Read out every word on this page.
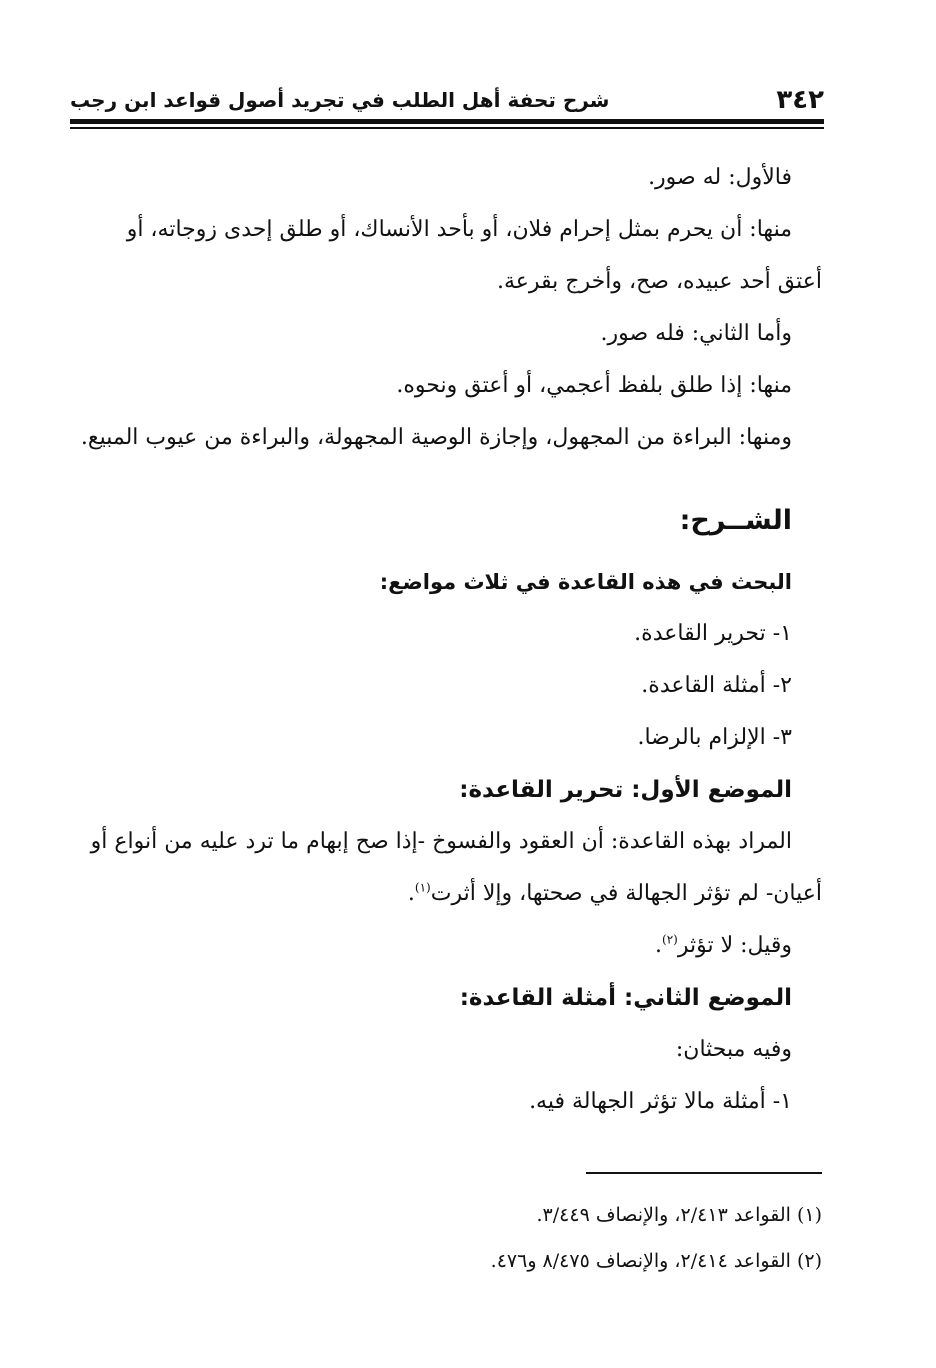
٣٤٢
شرح تحفة أهل الطلب في تجريد أصول قواعد ابن رجب
فالأول: له صور.
منها: أن يحرم بمثل إحرام فلان، أو بأحد الأنساك، أو طلق إحدى زوجاته، أو
أعتق أحد عبيده، صح، وأخرج بقرعة.
وأما الثاني: فله صور.
منها: إذا طلق بلفظ أعجمي، أو أعتق ونحوه.
ومنها: البراءة من المجهول، وإجازة الوصية المجهولة، والبراءة من عيوب المبيع.
الشــرح:
البحث في هذه القاعدة في ثلاث مواضع:
١- تحرير القاعدة.
٢- أمثلة القاعدة.
٣- الإلزام بالرضا.
الموضع الأول: تحرير القاعدة:
المراد بهذه القاعدة: أن العقود والفسوخ -إذا صح إبهام ما ترد عليه من أنواع أو
أعيان- لم تؤثر الجهالة في صحتها، وإلا أثرت$^{(١)}$.
وقيل: لا تؤثر$^{(٢)}$.
الموضع الثاني: أمثلة القاعدة:
وفيه مبحثان:
١- أمثلة مالا تؤثر الجهالة فيه.
(١) القواعد ٢/٤١٣، والإنصاف ٣/٤٤٩.
(٢) القواعد ٢/٤١٤، والإنصاف ٨/٤٧٥ و٤٧٦.
